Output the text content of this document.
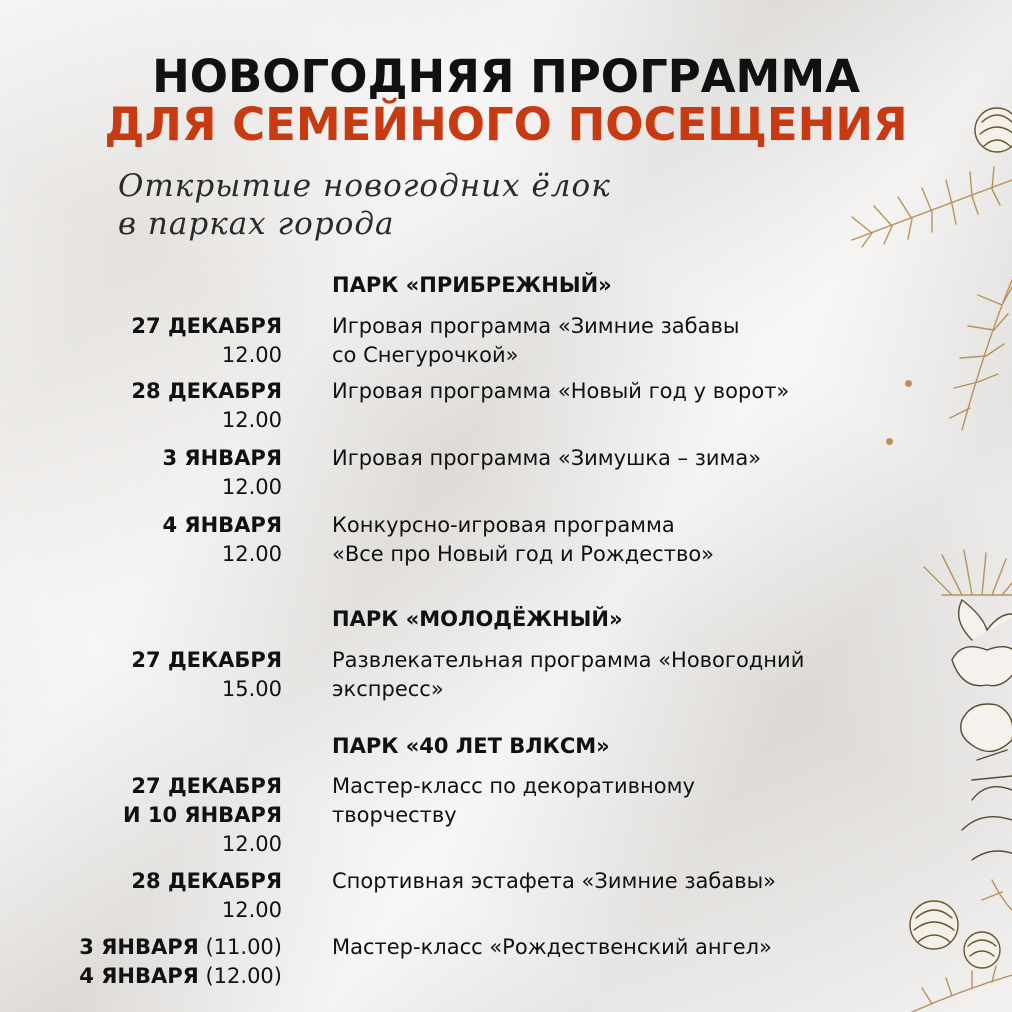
НОВОГОДНЯЯ ПРОГРАММА
ДЛЯ СЕМЕЙНОГО ПОСЕЩЕНИЯ
Открытие новогодних ёлок
в парках города
ПАРК «ПРИБРЕЖНЫЙ»
27 ДЕКАБРЯ
12.00
Игровая программа «Зимние забавы
со Снегурочкой»
28 ДЕКАБРЯ
12.00
Игровая программа «Новый год у ворот»
3 ЯНВАРЯ
12.00
Игровая программа «Зимушка – зима»
4 ЯНВАРЯ
12.00
Конкурсно-игровая программа
«Все про Новый год и Рождество»
ПАРК «МОЛОДЁЖНЫЙ»
27 ДЕКАБРЯ
15.00
Развлекательная программа «Новогодний
экспресс»
ПАРК «40 ЛЕТ ВЛКСМ»
27 ДЕКАБРЯ
И 10 ЯНВАРЯ
12.00
Мастер-класс по декоративному
творчеству
28 ДЕКАБРЯ
12.00
Спортивная эстафета «Зимние забавы»
3 ЯНВАРЯ (11.00)
4 ЯНВАРЯ (12.00)
Мастер-класс «Рождественский ангел»
